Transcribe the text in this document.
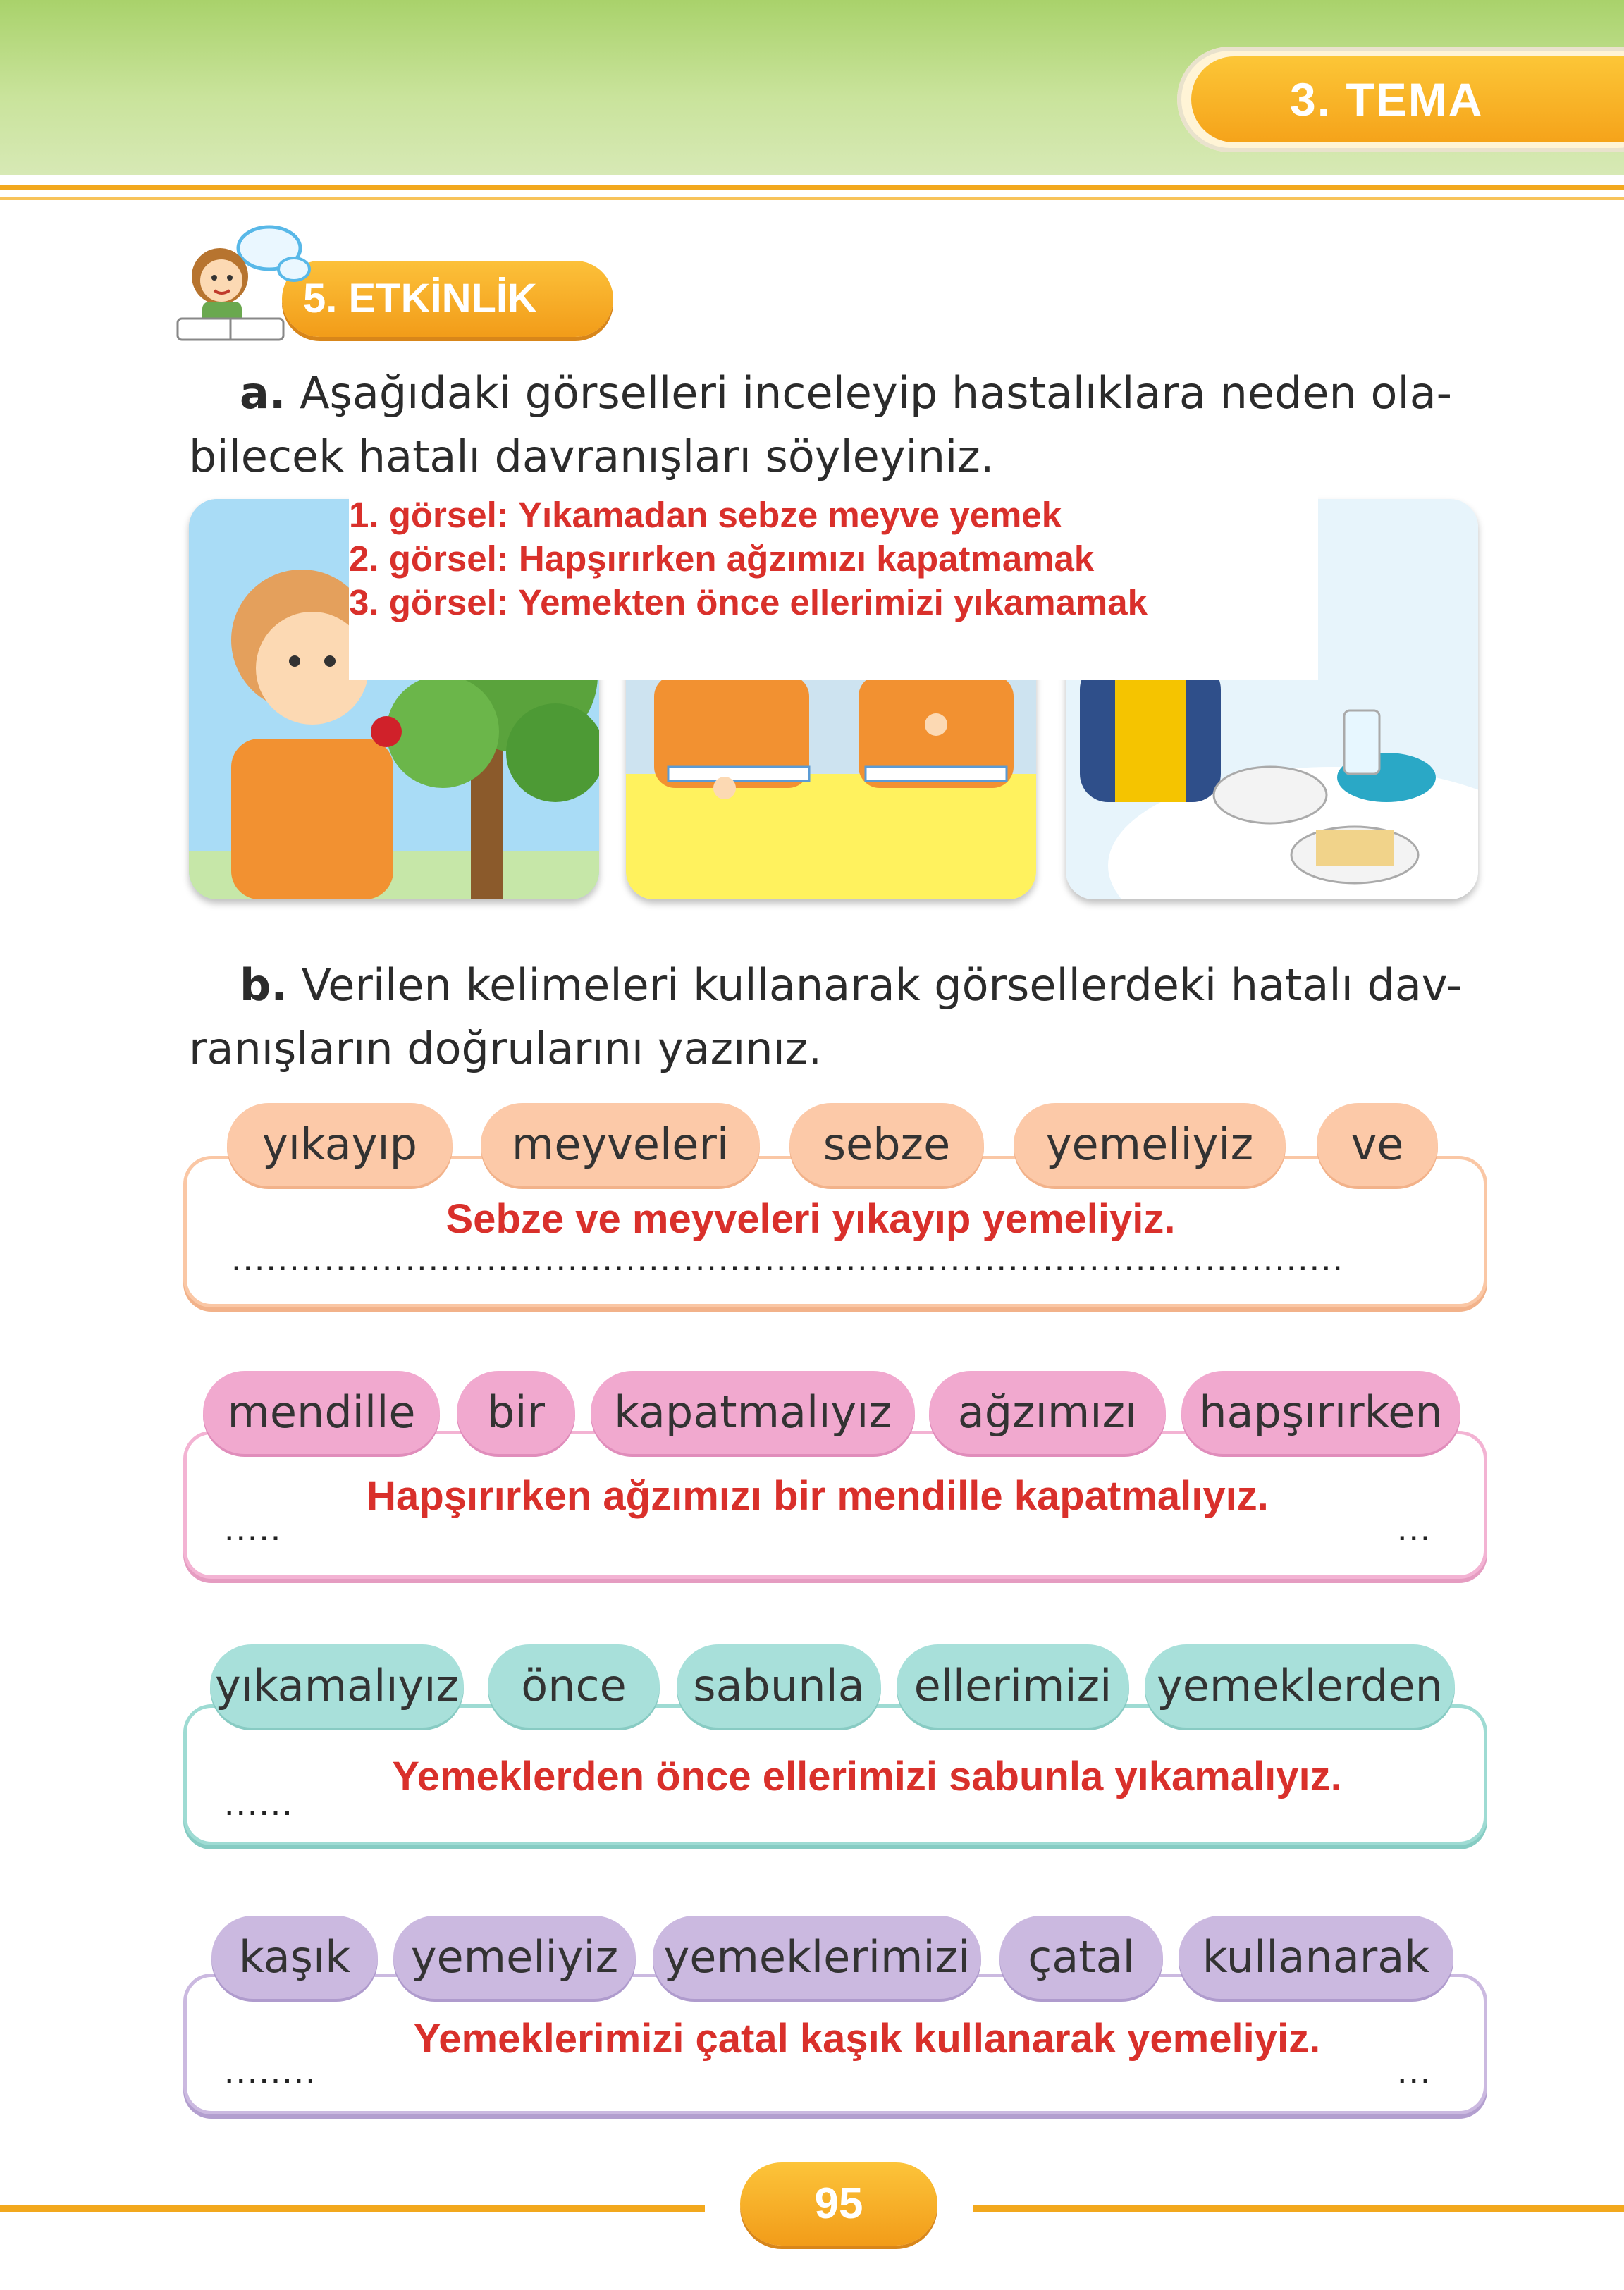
3. TEMA
5. ETKİNLİK
a. Aşağıdaki görselleri inceleyip hastalıklara neden ola-
bilecek hatalı davranışları söyleyiniz.
1. görsel: Yıkamadan sebze meyve yemek
2. görsel: Hapşırırken ağzımızı kapatmamak
3. görsel: Yemekten önce ellerimizi yıkamamak
b. Verilen kelimeleri kullanarak görsellerdeki hatalı dav-
ranışların doğrularını yazınız.
yıkayıp	meyveleri	sebze	yemeliyiz	ve
Sebze ve meyveleri yıkayıp yemeliyiz.
................................................................................................
mendille	bir	kapatmalıyız	ağzımızı	hapşırırken
Hapşırırken ağzımızı bir mendille kapatmalıyız.
.....	...
yıkamalıyız	önce	sabunla	ellerimizi	yemeklerden
Yemeklerden önce ellerimizi sabunla yıkamalıyız.
......
kaşık	yemeliyiz	yemeklerimizi	çatal	kullanarak
Yemeklerimizi çatal kaşık kullanarak yemeliyiz.
........	...
95
